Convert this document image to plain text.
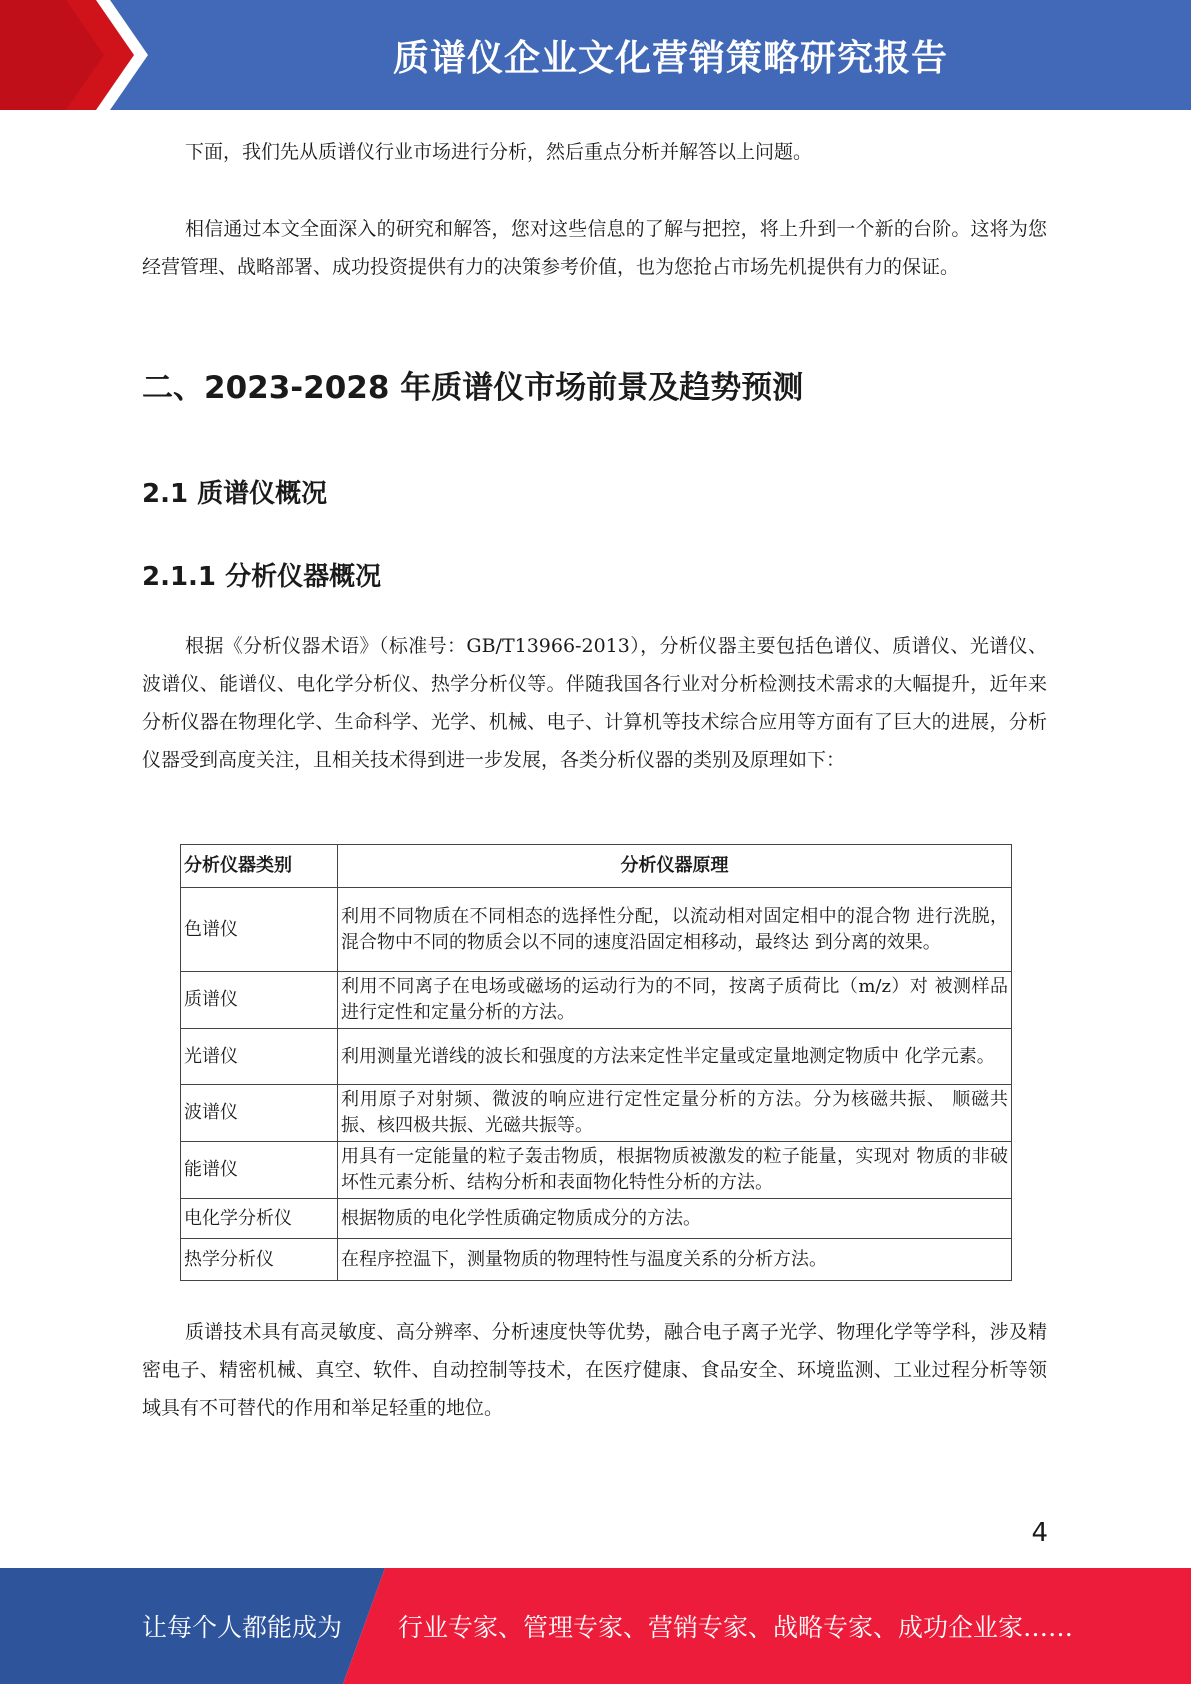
质谱仪企业文化营销策略研究报告

下面，我们先从质谱仪行业市场进行分析，然后重点分析并解答以上问题。

相信通过本文全面深入的研究和解答，您对这些信息的了解与把控，将上升到一个新的台阶。这将为您经营管理、战略部署、成功投资提供有力的决策参考价值，也为您抢占市场先机提供有力的保证。

二、2023-2028 年质谱仪市场前景及趋势预测
2.1 质谱仪概况
2.1.1 分析仪器概况

根据《分析仪器术语》（标准号：GB/T13966-2013），分析仪器主要包括色谱仪、质谱仪、光谱仪、波谱仪、能谱仪、电化学分析仪、热学分析仪等。伴随我国各行业对分析检测技术需求的大幅提升，近年来分析仪器在物理化学、生命科学、光学、机械、电子、计算机等技术综合应用等方面有了巨大的进展，分析仪器受到高度关注，且相关技术得到进一步发展，各类分析仪器的类别及原理如下：

分析仪器类别	分析仪器原理
色谱仪	利用不同物质在不同相态的选择性分配，以流动相对固定相中的混合物 进行洗脱，混合物中不同的物质会以不同的速度沿固定相移动，最终达 到分离的效果。
质谱仪	利用不同离子在电场或磁场的运动行为的不同，按离子质荷比（m/z）对 被测样品进行定性和定量分析的方法。
光谱仪	利用测量光谱线的波长和强度的方法来定性半定量或定量地测定物质中 化学元素。
波谱仪	利用原子对射频、微波的响应进行定性定量分析的方法。分为核磁共振、 顺磁共振、核四极共振、光磁共振等。
能谱仪	用具有一定能量的粒子轰击物质，根据物质被激发的粒子能量，实现对 物质的非破坏性元素分析、结构分析和表面物化特性分析的方法。
电化学分析仪	根据物质的电化学性质确定物质成分的方法。
热学分析仪	在程序控温下，测量物质的物理特性与温度关系的分析方法。

质谱技术具有高灵敏度、高分辨率、分析速度快等优势，融合电子离子光学、物理化学等学科，涉及精密电子、精密机械、真空、软件、自动控制等技术，在医疗健康、食品安全、环境监测、工业过程分析等领域具有不可替代的作用和举足轻重的地位。

4
让每个人都能成为 行业专家、管理专家、营销专家、战略专家、成功企业家……
